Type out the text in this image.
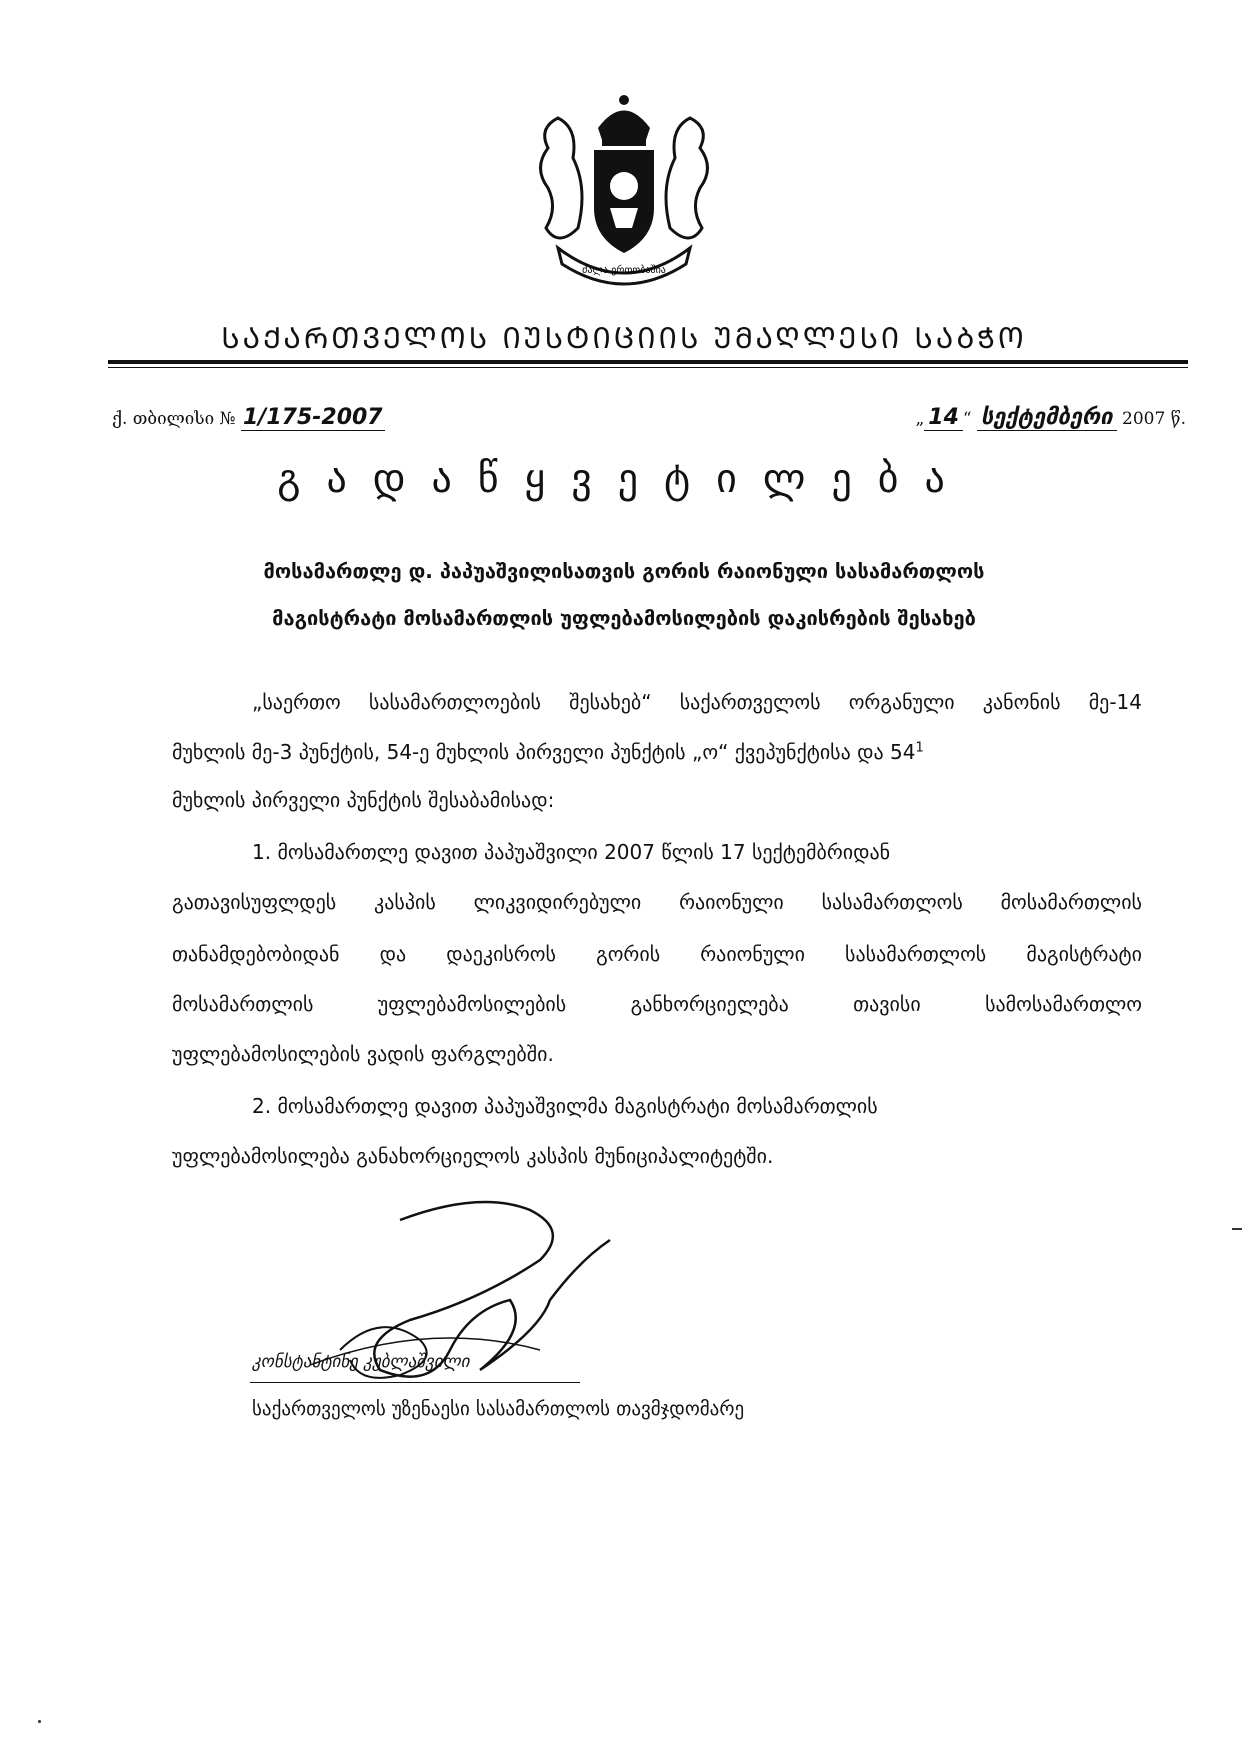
ძალა ერთობაშია
ᲡᲐᲥᲐᲠᲗᲕᲔᲚᲝᲡ ᲘᲣᲡᲢᲘᲪᲘᲘᲡ ᲣᲛᲐᲦᲚᲔᲡᲘ ᲡᲐᲑᲭᲝ
ქ. თბილისი № 1/175-2007	„ 14 “ სექტემბერი 2007 წ.
გადაწყვეტილება
მოსამართლე დ. პაპუაშვილისათვის გორის რაიონული სასამართლოს
მაგისტრატი მოსამართლის უფლებამოსილების დაკისრების შესახებ
„საერთო სასამართლოების შესახებ“ საქართველოს ორგანული კანონის მე-14
მუხლის მე-3 პუნქტის, 54-ე მუხლის პირველი პუნქტის „ო“ ქვეპუნქტისა და $54^1$
მუხლის პირველი პუნქტის შესაბამისად:
1. მოსამართლე დავით პაპუაშვილი 2007 წლის 17 სექტემბრიდან
გათავისუფლდეს კასპის ლიკვიდირებული რაიონული სასამართლოს მოსამართლის
თანამდებობიდან და დაეკისროს გორის რაიონული სასამართლოს მაგისტრატი
მოსამართლის უფლებამოსილების განხორციელება თავისი სამოსამართლო
უფლებამოსილების ვადის ფარგლებში.
2. მოსამართლე დავით პაპუაშვილმა მაგისტრატი მოსამართლის
უფლებამოსილება განახორციელოს კასპის მუნიციპალიტეტში.
კონსტანტინე კუბლაშვილი
საქართველოს უზენაესი სასამართლოს თავმჯდომარე
